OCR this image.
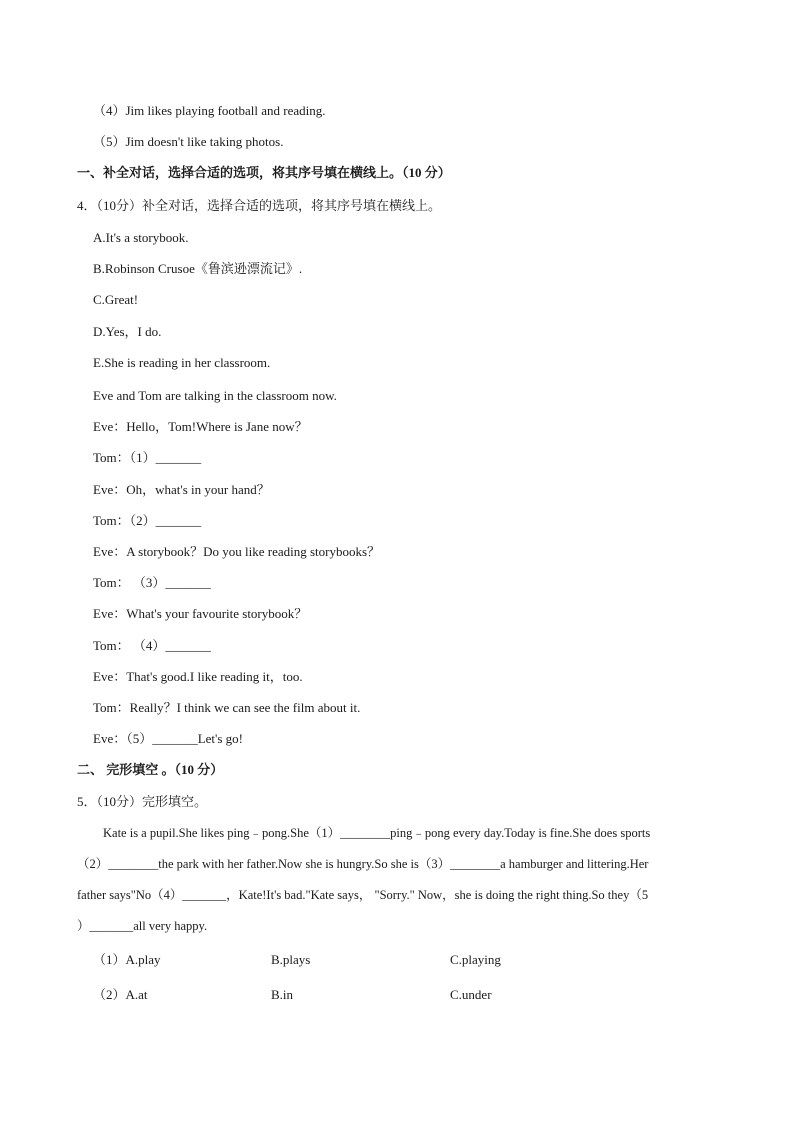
（4）Jim likes playing football and reading.
（5）Jim doesn't like taking photos.
一、补全对话，选择合适的选项，将其序号填在横线上。（10 分）
4．（10分）补全对话，选择合适的选项，将其序号填在横线上。
A.It's a storybook.
B.Robinson Crusoe《鲁滨逊漂流记》.
C.Great!
D.Yes，I do.
E.She is reading in her classroom.
Eve and Tom are talking in the classroom now.
Eve：Hello，Tom!Where is Jane now？
Tom：（1）_______
Eve：Oh，what's in your hand？
Tom：（2）_______
Eve：A storybook？Do you like reading storybooks？
Tom： （3）_______
Eve：What's your favourite storybook？
Tom： （4）_______
Eve：That's good.I like reading it，too.
Tom：Really？I think we can see the film about it.
Eve：（5）_______Let's go!
二、 完形填空 。（10 分）
5．（10分）完形填空。
Kate is a pupil.She likes ping﹣pong.She（1）________ping﹣pong every day.Today is fine.She does sports
（2）________the park with her father.Now she is hungry.So she is（3）________a hamburger and littering.Her
father says"No（4）_______，Kate!It's bad."Kate says， "Sorry." Now，she is doing the right thing.So they（5
）_______all very happy.
（1）A.play	B.plays	C.playing
（2）A.at	B.in	C.under
